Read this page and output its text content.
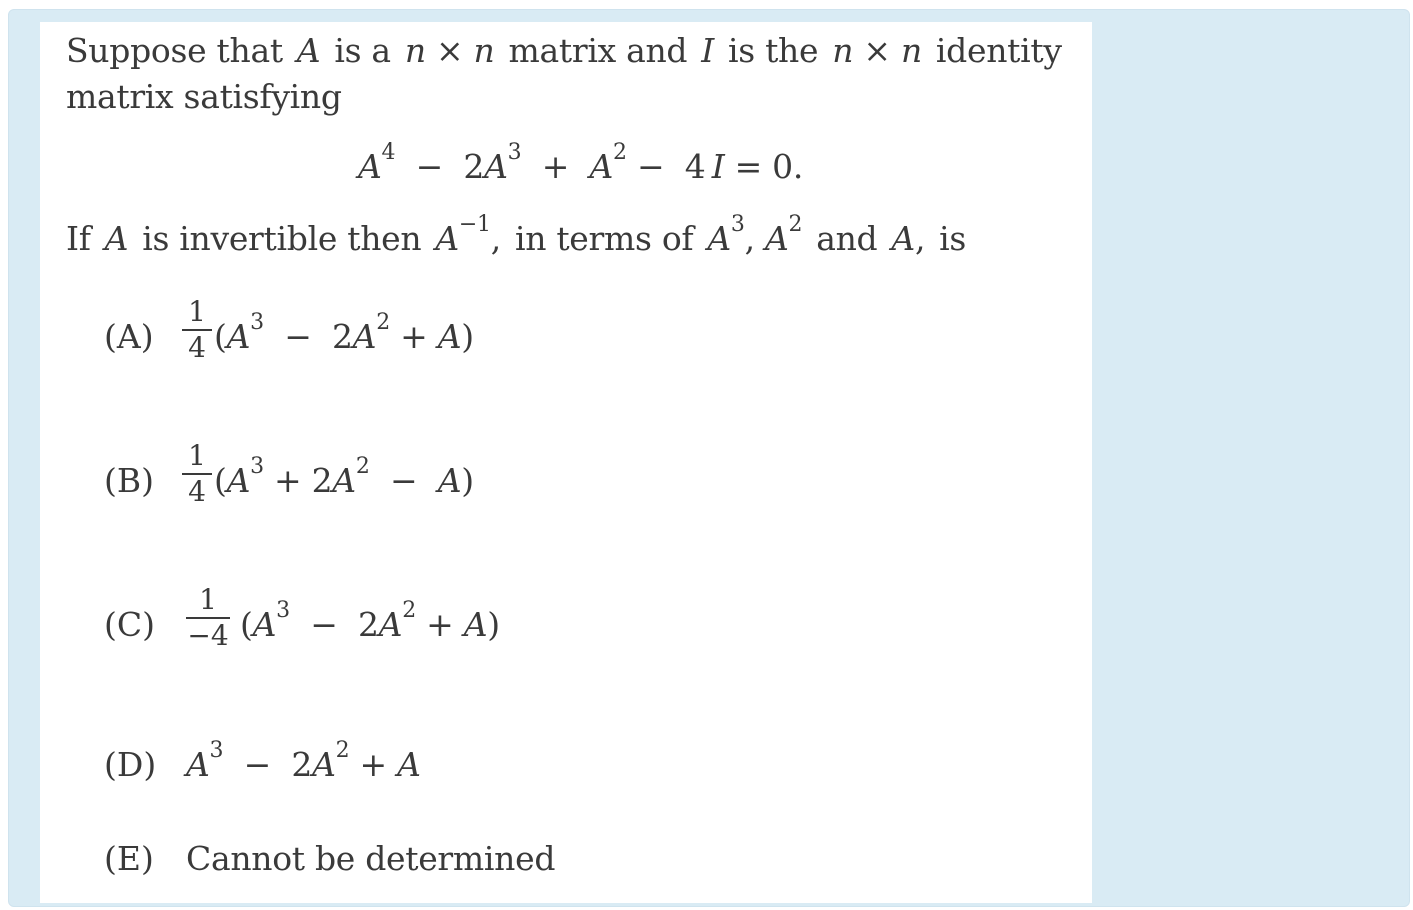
Suppose that A is a n × n matrix and I is the n × n identity
matrix satisfying
$A^4 - 2A^3 + A^2 - 4$  I = 0.
If A is invertible then $A^{-1}$, in terms of $A^3$, $A^2$ and A, is
(A)
1
4 $(A^3 - 2A^2 + A)$
(B)
1
4 $(A^3 + 2A^2 - A)$
(C)
1
−4 $(A^3 - 2A^2 + A)$
(D) $A^3 - 2A^2 + A$
(E) Cannot be determined
